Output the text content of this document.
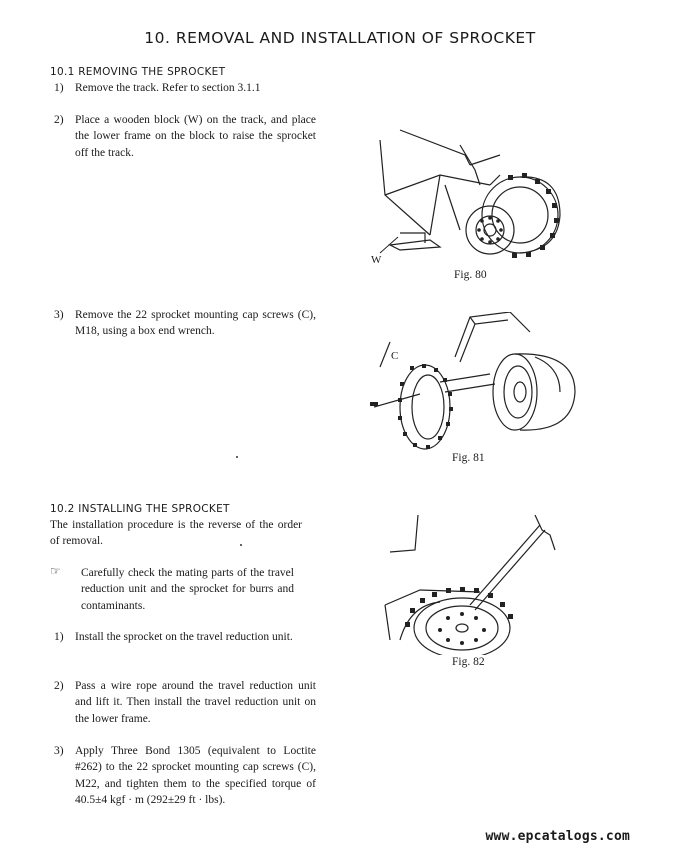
10. REMOVAL AND INSTALLATION OF SPROCKET
10.1 REMOVING THE SPROCKET
1) Remove the track. Refer to section 3.1.1
2) Place a wooden block (W) on the track, and place the lower frame on the block to raise the sprocket off the track.
3) Remove the 22 sprocket mounting cap screws (C), M18, using a box end wrench.
W
Fig. 80
C
Fig. 81
10.2 INSTALLING THE SPROCKET
The installation procedure is the reverse of the order of removal.
☞ Carefully check the mating parts of the travel reduction unit and the sprocket for burrs and contaminants.
1) Install the sprocket on the travel reduction unit.
2) Pass a wire rope around the travel reduction unit and lift it. Then install the travel reduction unit on the lower frame.
3) Apply Three Bond 1305 (equivalent to Loctite #262) to the 22 sprocket mounting cap screws (C), M22, and tighten them to the specified torque of 40.5±4 kgf · m (292±29 ft · lbs).
Fig. 82
www.epcatalogs.com
